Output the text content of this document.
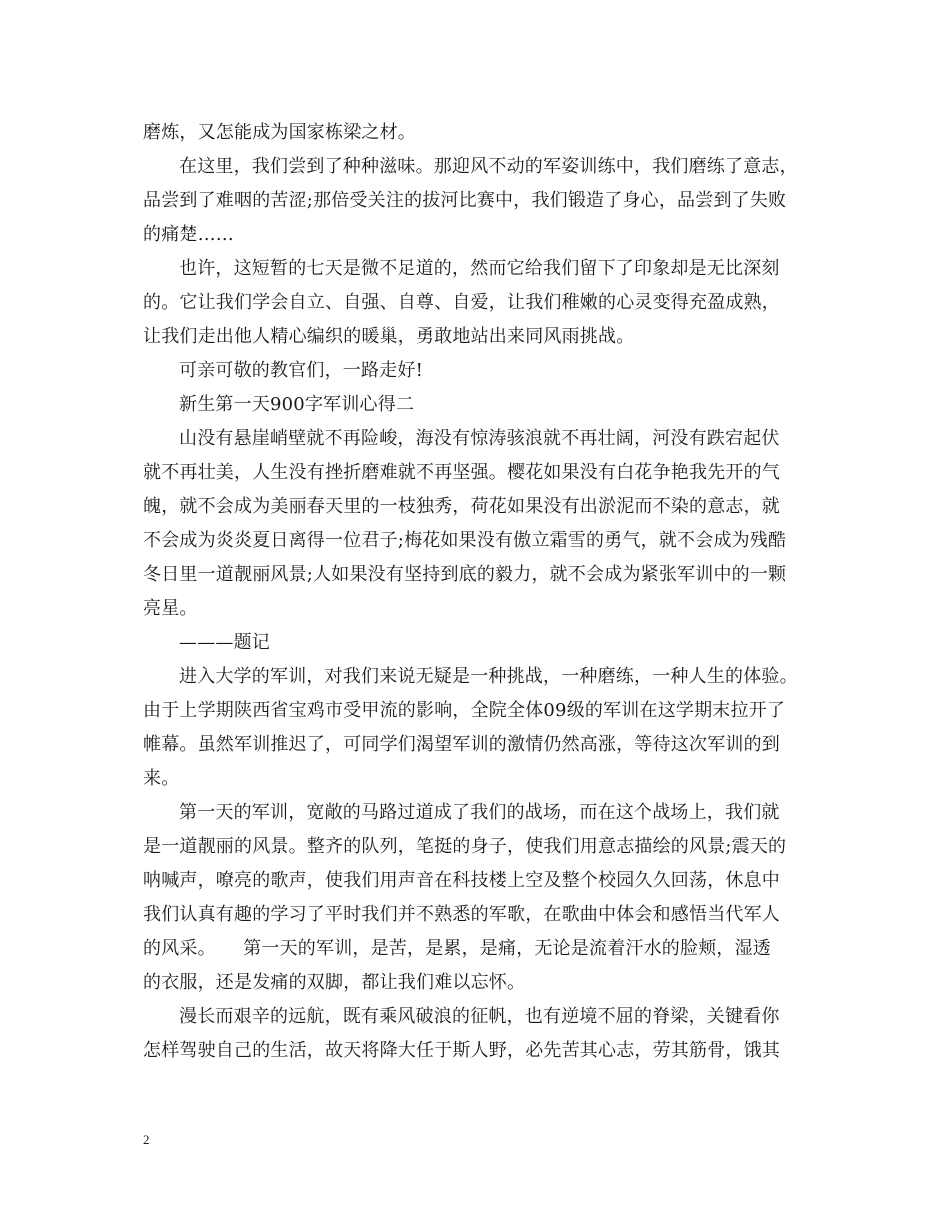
磨炼，又怎能成为国家栋梁之材。
在这里，我们尝到了种种滋味。那迎风不动的军姿训练中，我们磨练了意志，
品尝到了难咽的苦涩;那倍受关注的拔河比赛中，我们锻造了身心，品尝到了失败
的痛楚……
也许，这短暂的七天是微不足道的，然而它给我们留下了印象却是无比深刻
的。它让我们学会自立、自强、自尊、自爱，让我们稚嫩的心灵变得充盈成熟，
让我们走出他人精心编织的暖巢，勇敢地站出来同风雨挑战。
可亲可敬的教官们，一路走好!
新生第一天900字军训心得二
山没有悬崖峭壁就不再险峻，海没有惊涛骇浪就不再壮阔，河没有跌宕起伏
就不再壮美，人生没有挫折磨难就不再坚强。樱花如果没有白花争艳我先开的气
魄，就不会成为美丽春天里的一枝独秀，荷花如果没有出淤泥而不染的意志，就
不会成为炎炎夏日离得一位君子;梅花如果没有傲立霜雪的勇气，就不会成为残酷
冬日里一道靓丽风景;人如果没有坚持到底的毅力，就不会成为紧张军训中的一颗
亮星。
———题记
进入大学的军训，对我们来说无疑是一种挑战，一种磨练，一种人生的体验。
由于上学期陕西省宝鸡市受甲流的影响，全院全体09级的军训在这学期末拉开了
帷幕。虽然军训推迟了，可同学们渴望军训的激情仍然高涨，等待这次军训的到
来。
第一天的军训，宽敞的马路过道成了我们的战场，而在这个战场上，我们就
是一道靓丽的风景。整齐的队列，笔挺的身子，使我们用意志描绘的风景;震天的
呐喊声，嘹亮的歌声，使我们用声音在科技楼上空及整个校园久久回荡，休息中
我们认真有趣的学习了平时我们并不熟悉的军歌，在歌曲中体会和感悟当代军人
的风采。　　第一天的军训，是苦，是累，是痛，无论是流着汗水的脸颊，湿透
的衣服，还是发痛的双脚，都让我们难以忘怀。
漫长而艰辛的远航，既有乘风破浪的征帆，也有逆境不屈的脊梁，关键看你
怎样驾驶自己的生活，故天将降大任于斯人野，必先苦其心志，劳其筋骨，饿其
2
